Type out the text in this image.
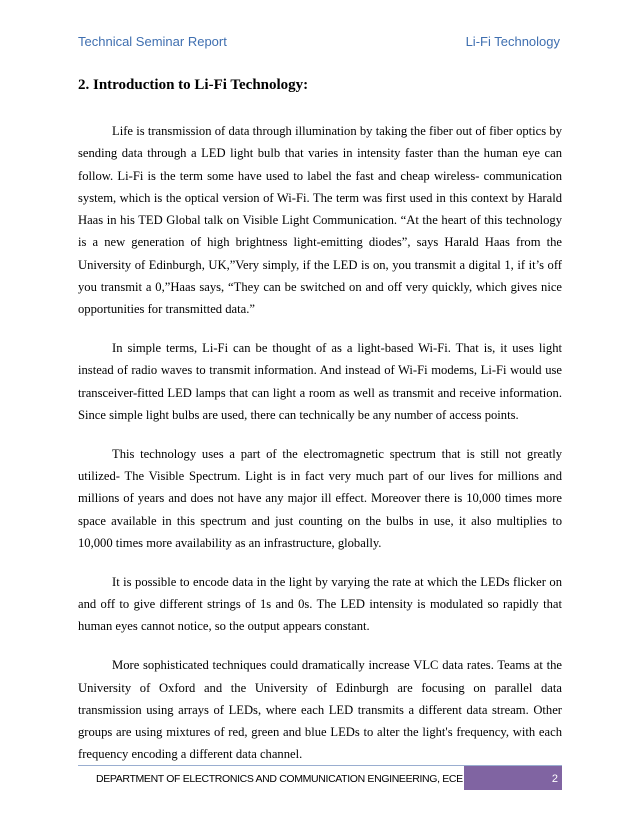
Technical Seminar Report	Li-Fi Technology
2. Introduction to Li-Fi Technology:

Life is transmission of data through illumination by taking the fiber out of fiber optics by sending data through a LED light bulb that varies in intensity faster than the human eye can follow. Li-Fi is the term some have used to label the fast and cheap wireless- communication system, which is the optical version of Wi-Fi. The term was first used in this context by Harald Haas in his TED Global talk on Visible Light Communication. “At the heart of this technology is a new generation of high brightness light-emitting diodes”, says Harald Haas from the University of Edinburgh, UK,”Very simply, if the LED is on, you transmit a digital 1, if it’s off you transmit a 0,”Haas says, “They can be switched on and off very quickly, which gives nice opportunities for transmitted data.”

In simple terms, Li-Fi can be thought of as a light-based Wi-Fi. That is, it uses light instead of radio waves to transmit information. And instead of Wi-Fi modems, Li-Fi would use transceiver-fitted LED lamps that can light a room as well as transmit and receive information. Since simple light bulbs are used, there can technically be any number of access points.

This technology uses a part of the electromagnetic spectrum that is still not greatly utilized- The Visible Spectrum. Light is in fact very much part of our lives for millions and millions of years and does not have any major ill effect. Moreover there is 10,000 times more space available in this spectrum and just counting on the bulbs in use, it also multiplies to 10,000 times more availability as an infrastructure, globally.

It is possible to encode data in the light by varying the rate at which the LEDs flicker on and off to give different strings of 1s and 0s. The LED intensity is modulated so rapidly that human eyes cannot notice, so the output appears constant.

More sophisticated techniques could dramatically increase VLC data rates. Teams at the University of Oxford and the University of Edinburgh are focusing on parallel data transmission using arrays of LEDs, where each LED transmits a different data stream. Other groups are using mixtures of red, green and blue LEDs to alter the light's frequency, with each frequency encoding a different data channel.

DEPARTMENT OF ELECTRONICS AND COMMUNICATION ENGINEERING, ECE	2
